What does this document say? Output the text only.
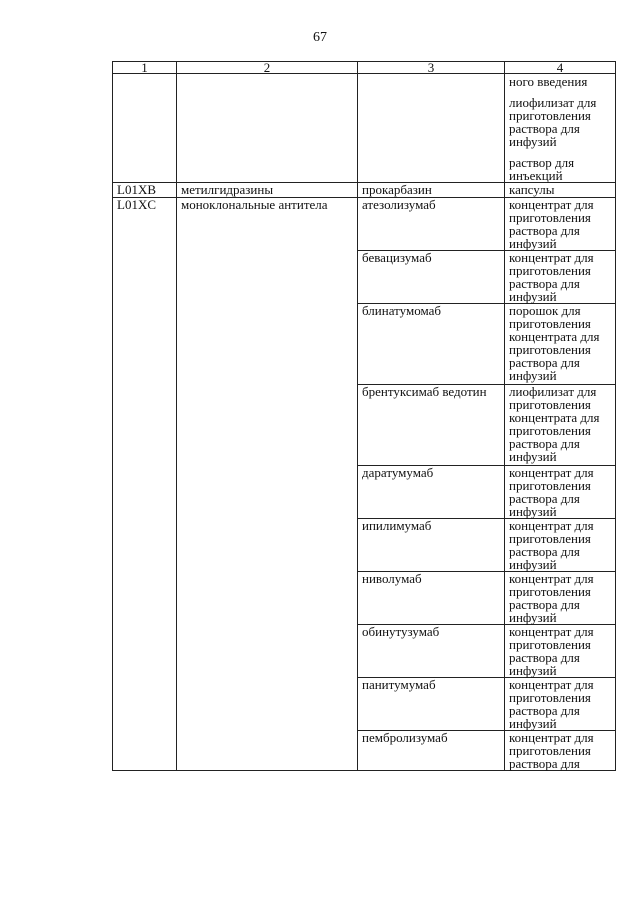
67
1	2	3	4

			ного введения
лиофилизат для приготовления раствора для инфузий
раствор для инъекций

L01XB	метилгидразины	прокарбазин	капсулы
L01XC	моноклональные антитела	атезолизумаб	концентрат для приготовления раствора для инфузий
		бевацизумаб	концентрат для приготовления раствора для инфузий
		блинатумомаб	порошок для приготовления концентрата для приготовления раствора для инфузий
		брентуксимаб ведотин	лиофилизат для приготовления концентрата для приготовления раствора для инфузий
		даратумумаб	концентрат для приготовления раствора для инфузий
		ипилимумаб	концентрат для приготовления раствора для инфузий
		ниволумаб	концентрат для приготовления раствора для инфузий
		обинутузумаб	концентрат для приготовления раствора для инфузий
		панитумумаб	концентрат для приготовления раствора для инфузий
		пембролизумаб	концентрат для приготовления раствора для
